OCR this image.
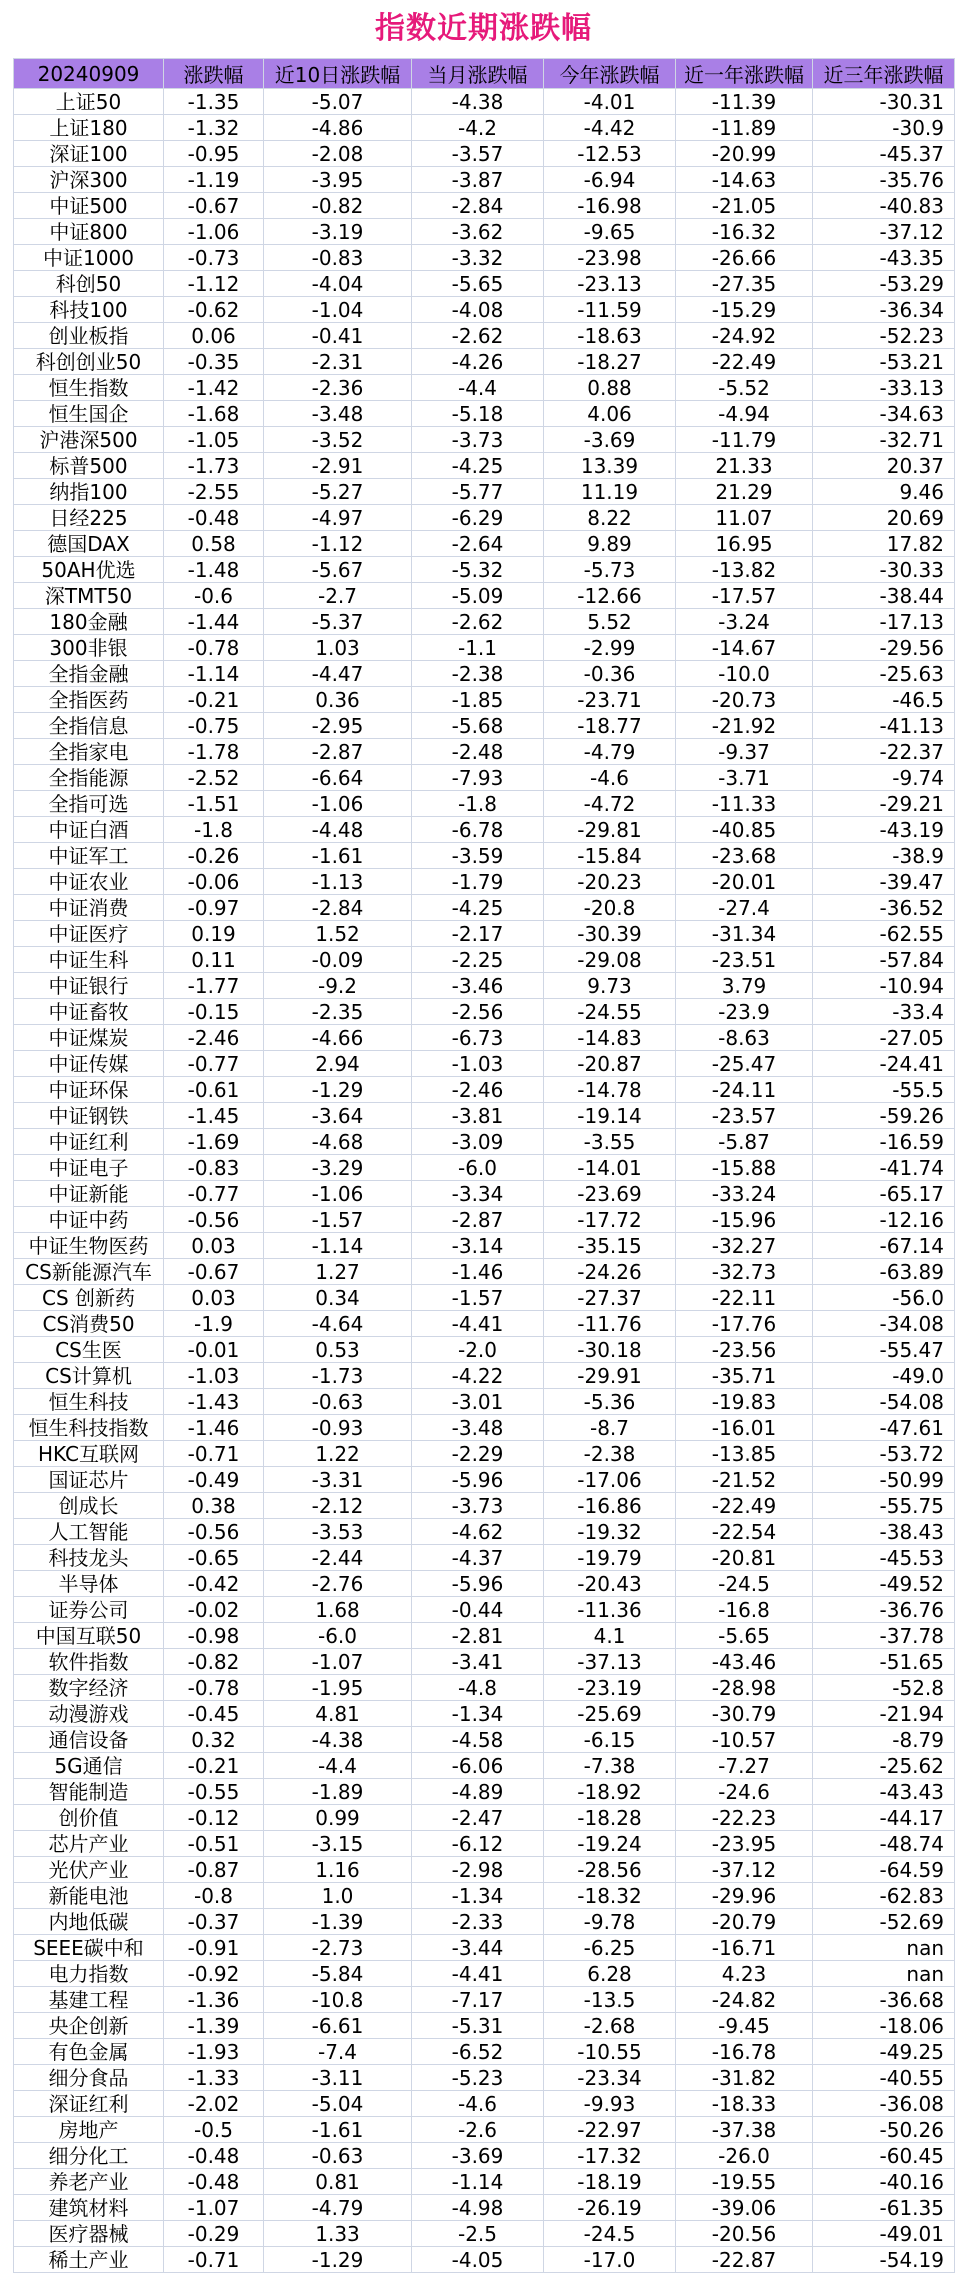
指数近期涨跌幅
20240909	涨跌幅	近10日涨跌幅	当月涨跌幅	今年涨跌幅	近一年涨跌幅	近三年涨跌幅
上证50	-1.35	-5.07	-4.38	-4.01	-11.39	-30.31
上证180	-1.32	-4.86	-4.2	-4.42	-11.89	-30.9
深证100	-0.95	-2.08	-3.57	-12.53	-20.99	-45.37
沪深300	-1.19	-3.95	-3.87	-6.94	-14.63	-35.76
中证500	-0.67	-0.82	-2.84	-16.98	-21.05	-40.83
中证800	-1.06	-3.19	-3.62	-9.65	-16.32	-37.12
中证1000	-0.73	-0.83	-3.32	-23.98	-26.66	-43.35
科创50	-1.12	-4.04	-5.65	-23.13	-27.35	-53.29
科技100	-0.62	-1.04	-4.08	-11.59	-15.29	-36.34
创业板指	0.06	-0.41	-2.62	-18.63	-24.92	-52.23
科创创业50	-0.35	-2.31	-4.26	-18.27	-22.49	-53.21
恒生指数	-1.42	-2.36	-4.4	0.88	-5.52	-33.13
恒生国企	-1.68	-3.48	-5.18	4.06	-4.94	-34.63
沪港深500	-1.05	-3.52	-3.73	-3.69	-11.79	-32.71
标普500	-1.73	-2.91	-4.25	13.39	21.33	20.37
纳指100	-2.55	-5.27	-5.77	11.19	21.29	9.46
日经225	-0.48	-4.97	-6.29	8.22	11.07	20.69
德国DAX	0.58	-1.12	-2.64	9.89	16.95	17.82
50AH优选	-1.48	-5.67	-5.32	-5.73	-13.82	-30.33
深TMT50	-0.6	-2.7	-5.09	-12.66	-17.57	-38.44
180金融	-1.44	-5.37	-2.62	5.52	-3.24	-17.13
300非银	-0.78	1.03	-1.1	-2.99	-14.67	-29.56
全指金融	-1.14	-4.47	-2.38	-0.36	-10.0	-25.63
全指医药	-0.21	0.36	-1.85	-23.71	-20.73	-46.5
全指信息	-0.75	-2.95	-5.68	-18.77	-21.92	-41.13
全指家电	-1.78	-2.87	-2.48	-4.79	-9.37	-22.37
全指能源	-2.52	-6.64	-7.93	-4.6	-3.71	-9.74
全指可选	-1.51	-1.06	-1.8	-4.72	-11.33	-29.21
中证白酒	-1.8	-4.48	-6.78	-29.81	-40.85	-43.19
中证军工	-0.26	-1.61	-3.59	-15.84	-23.68	-38.9
中证农业	-0.06	-1.13	-1.79	-20.23	-20.01	-39.47
中证消费	-0.97	-2.84	-4.25	-20.8	-27.4	-36.52
中证医疗	0.19	1.52	-2.17	-30.39	-31.34	-62.55
中证生科	0.11	-0.09	-2.25	-29.08	-23.51	-57.84
中证银行	-1.77	-9.2	-3.46	9.73	3.79	-10.94
中证畜牧	-0.15	-2.35	-2.56	-24.55	-23.9	-33.4
中证煤炭	-2.46	-4.66	-6.73	-14.83	-8.63	-27.05
中证传媒	-0.77	2.94	-1.03	-20.87	-25.47	-24.41
中证环保	-0.61	-1.29	-2.46	-14.78	-24.11	-55.5
中证钢铁	-1.45	-3.64	-3.81	-19.14	-23.57	-59.26
中证红利	-1.69	-4.68	-3.09	-3.55	-5.87	-16.59
中证电子	-0.83	-3.29	-6.0	-14.01	-15.88	-41.74
中证新能	-0.77	-1.06	-3.34	-23.69	-33.24	-65.17
中证中药	-0.56	-1.57	-2.87	-17.72	-15.96	-12.16
中证生物医药	0.03	-1.14	-3.14	-35.15	-32.27	-67.14
CS新能源汽车	-0.67	1.27	-1.46	-24.26	-32.73	-63.89
CS 创新药	0.03	0.34	-1.57	-27.37	-22.11	-56.0
CS消费50	-1.9	-4.64	-4.41	-11.76	-17.76	-34.08
CS生医	-0.01	0.53	-2.0	-30.18	-23.56	-55.47
CS计算机	-1.03	-1.73	-4.22	-29.91	-35.71	-49.0
恒生科技	-1.43	-0.63	-3.01	-5.36	-19.83	-54.08
恒生科技指数	-1.46	-0.93	-3.48	-8.7	-16.01	-47.61
HKC互联网	-0.71	1.22	-2.29	-2.38	-13.85	-53.72
国证芯片	-0.49	-3.31	-5.96	-17.06	-21.52	-50.99
创成长	0.38	-2.12	-3.73	-16.86	-22.49	-55.75
人工智能	-0.56	-3.53	-4.62	-19.32	-22.54	-38.43
科技龙头	-0.65	-2.44	-4.37	-19.79	-20.81	-45.53
半导体	-0.42	-2.76	-5.96	-20.43	-24.5	-49.52
证券公司	-0.02	1.68	-0.44	-11.36	-16.8	-36.76
中国互联50	-0.98	-6.0	-2.81	4.1	-5.65	-37.78
软件指数	-0.82	-1.07	-3.41	-37.13	-43.46	-51.65
数字经济	-0.78	-1.95	-4.8	-23.19	-28.98	-52.8
动漫游戏	-0.45	4.81	-1.34	-25.69	-30.79	-21.94
通信设备	0.32	-4.38	-4.58	-6.15	-10.57	-8.79
5G通信	-0.21	-4.4	-6.06	-7.38	-7.27	-25.62
智能制造	-0.55	-1.89	-4.89	-18.92	-24.6	-43.43
创价值	-0.12	0.99	-2.47	-18.28	-22.23	-44.17
芯片产业	-0.51	-3.15	-6.12	-19.24	-23.95	-48.74
光伏产业	-0.87	1.16	-2.98	-28.56	-37.12	-64.59
新能电池	-0.8	1.0	-1.34	-18.32	-29.96	-62.83
内地低碳	-0.37	-1.39	-2.33	-9.78	-20.79	-52.69
SEEE碳中和	-0.91	-2.73	-3.44	-6.25	-16.71	nan
电力指数	-0.92	-5.84	-4.41	6.28	4.23	nan
基建工程	-1.36	-10.8	-7.17	-13.5	-24.82	-36.68
央企创新	-1.39	-6.61	-5.31	-2.68	-9.45	-18.06
有色金属	-1.93	-7.4	-6.52	-10.55	-16.78	-49.25
细分食品	-1.33	-3.11	-5.23	-23.34	-31.82	-40.55
深证红利	-2.02	-5.04	-4.6	-9.93	-18.33	-36.08
房地产	-0.5	-1.61	-2.6	-22.97	-37.38	-50.26
细分化工	-0.48	-0.63	-3.69	-17.32	-26.0	-60.45
养老产业	-0.48	0.81	-1.14	-18.19	-19.55	-40.16
建筑材料	-1.07	-4.79	-4.98	-26.19	-39.06	-61.35
医疗器械	-0.29	1.33	-2.5	-24.5	-20.56	-49.01
稀土产业	-0.71	-1.29	-4.05	-17.0	-22.87	-54.19
